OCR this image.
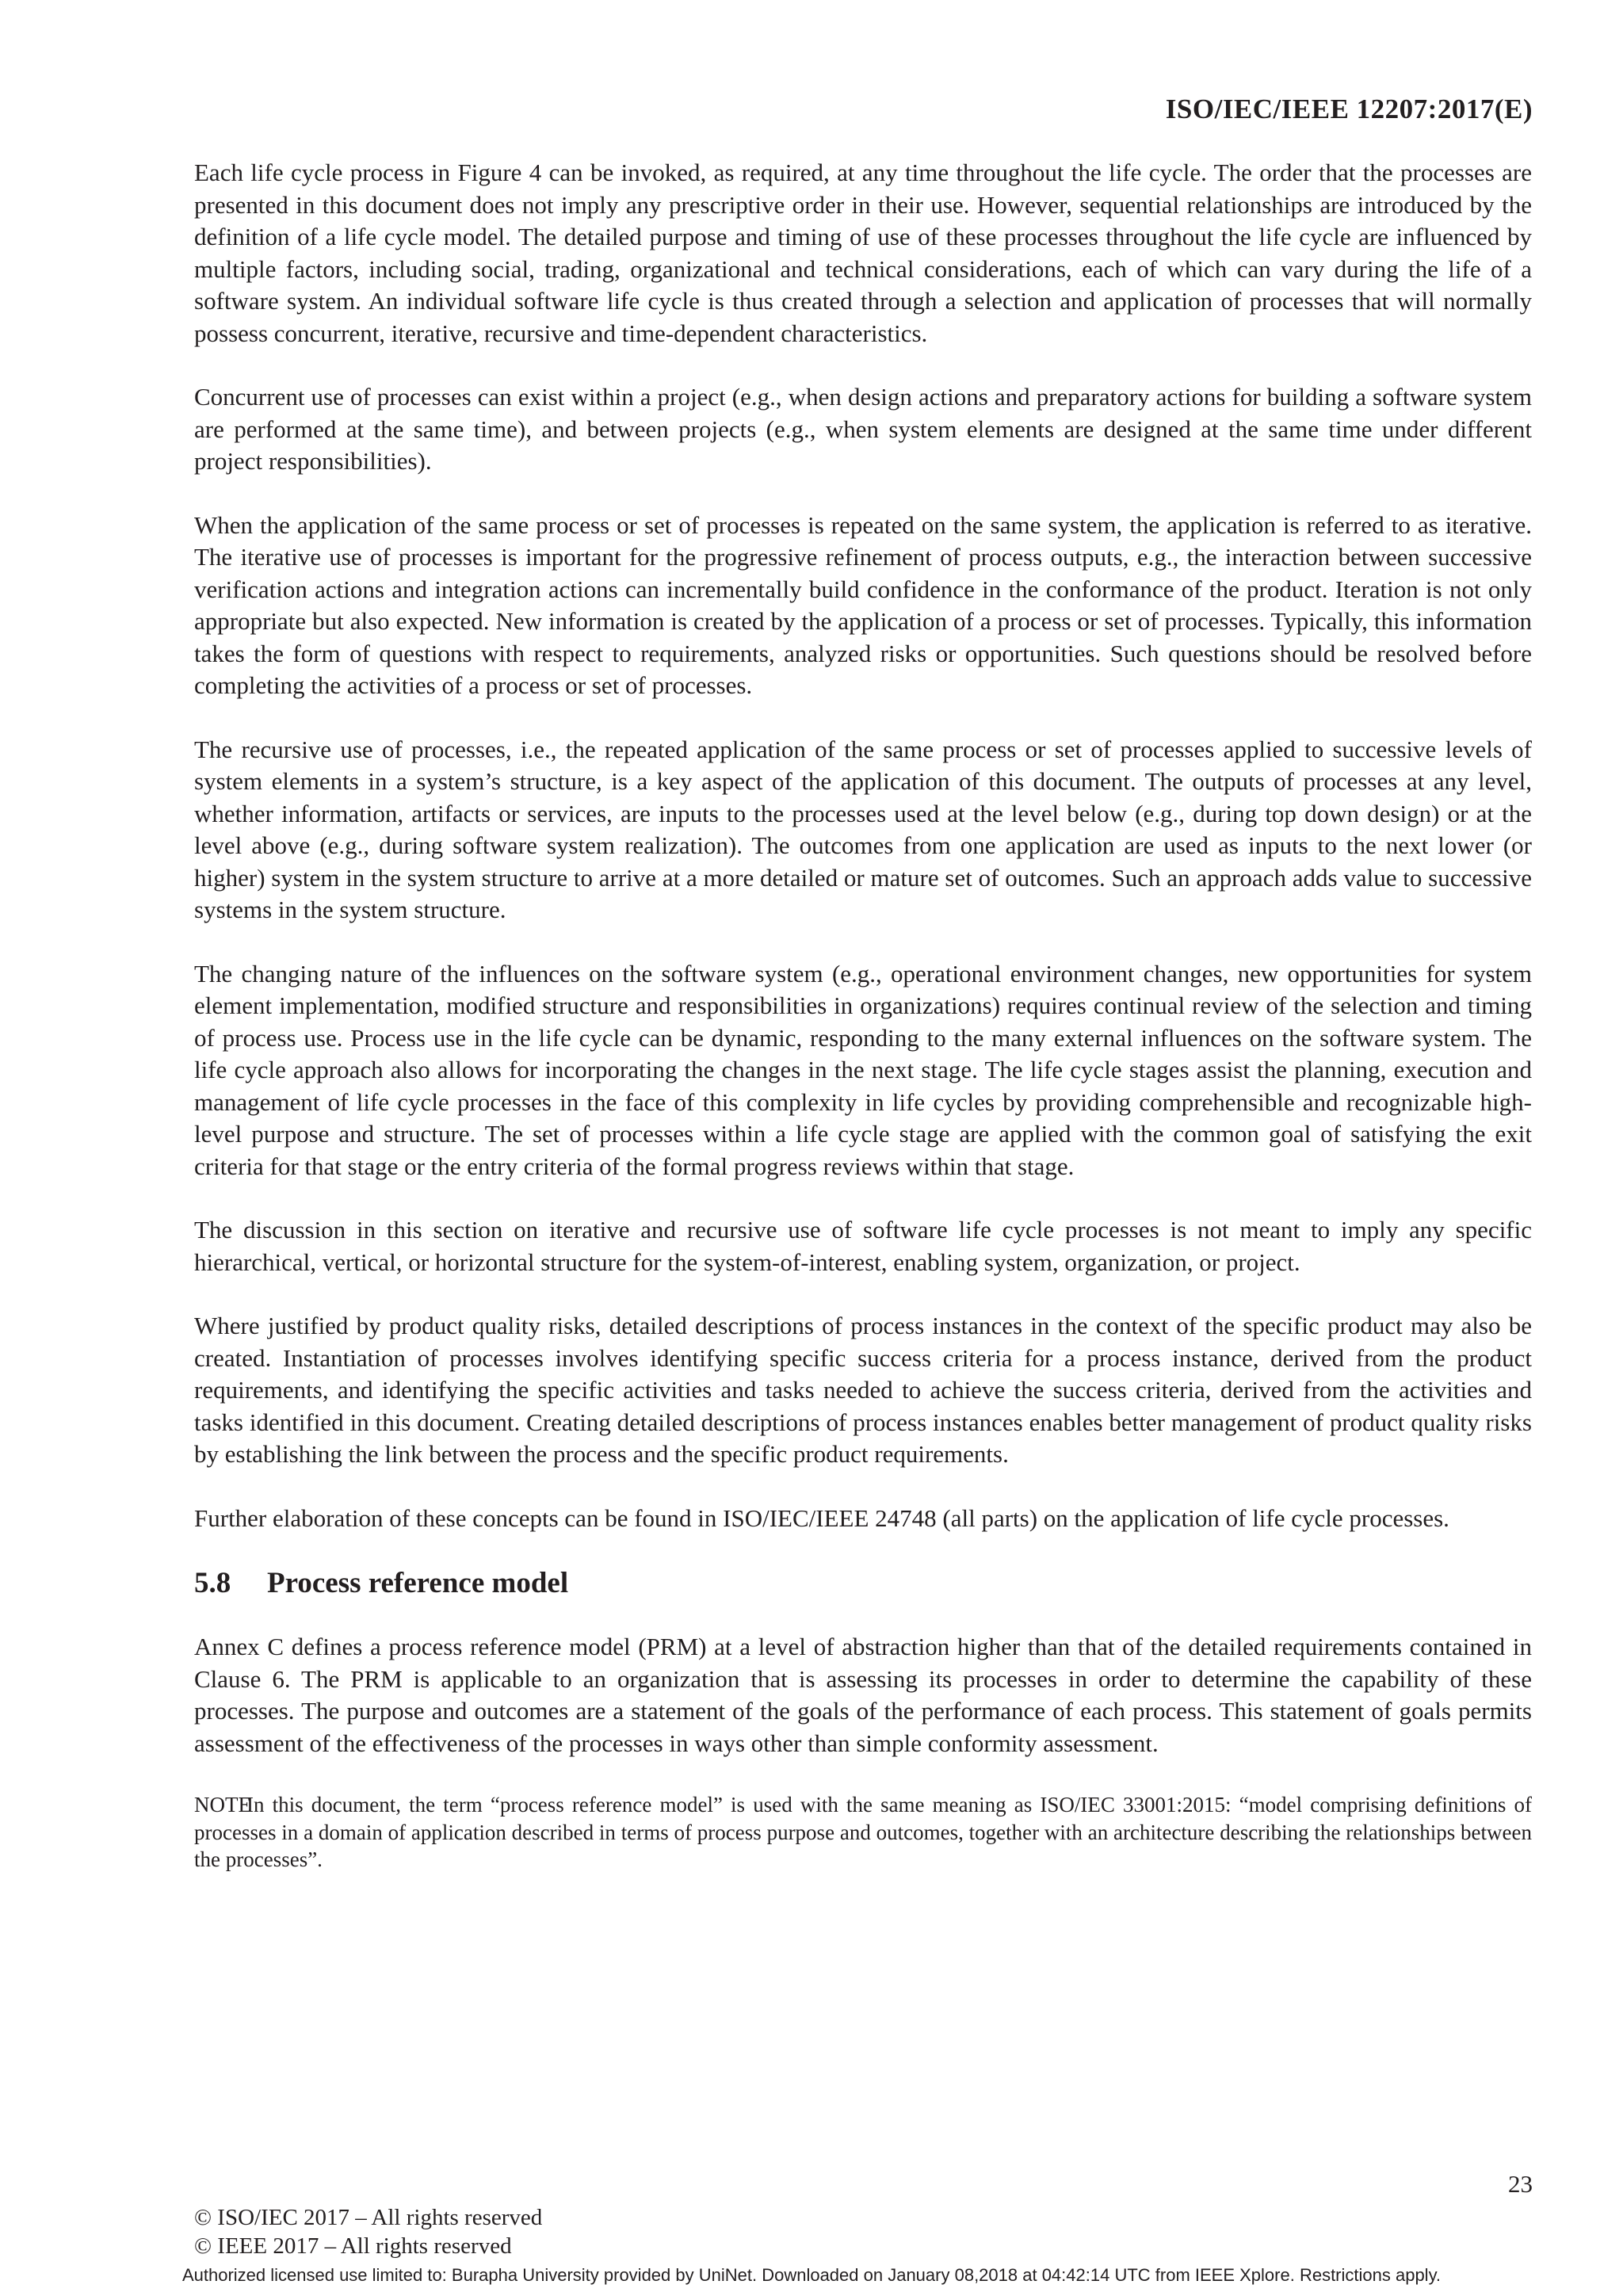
ISO/IEC/IEEE 12207:2017(E)

Each life cycle process in Figure 4 can be invoked, as required, at any time throughout the life cycle. The order that the processes are presented in this document does not imply any prescriptive order in their use. However, sequential relationships are introduced by the definition of a life cycle model. The detailed purpose and timing of use of these processes throughout the life cycle are influenced by multiple factors, including social, trading, organizational and technical considerations, each of which can vary during the life of a software system. An individual software life cycle is thus created through a selection and application of processes that will normally possess concurrent, iterative, recursive and time-dependent characteristics.

Concurrent use of processes can exist within a project (e.g., when design actions and preparatory actions for building a software system are performed at the same time), and between projects (e.g., when system elements are designed at the same time under different project responsibilities).

When the application of the same process or set of processes is repeated on the same system, the application is referred to as iterative. The iterative use of processes is important for the progressive refinement of process outputs, e.g., the interaction between successive verification actions and integration actions can incrementally build confidence in the conformance of the product. Iteration is not only appropriate but also expected. New information is created by the application of a process or set of processes. Typically, this information takes the form of questions with respect to requirements, analyzed risks or opportunities. Such questions should be resolved before completing the activities of a process or set of processes.

The recursive use of processes, i.e., the repeated application of the same process or set of processes applied to successive levels of system elements in a system’s structure, is a key aspect of the application of this document. The outputs of processes at any level, whether information, artifacts or services, are inputs to the processes used at the level below (e.g., during top down design) or at the level above (e.g., during software system realization). The outcomes from one application are used as inputs to the next lower (or higher) system in the system structure to arrive at a more detailed or mature set of outcomes. Such an approach adds value to successive systems in the system structure.

The changing nature of the influences on the software system (e.g., operational environment changes, new opportunities for system element implementation, modified structure and responsibilities in organizations) requires continual review of the selection and timing of process use. Process use in the life cycle can be dynamic, responding to the many external influences on the software system. The life cycle approach also allows for incorporating the changes in the next stage. The life cycle stages assist the planning, execution and management of life cycle processes in the face of this complexity in life cycles by providing comprehensible and recognizable high-level purpose and structure. The set of processes within a life cycle stage are applied with the common goal of satisfying the exit criteria for that stage or the entry criteria of the formal progress reviews within that stage.

The discussion in this section on iterative and recursive use of software life cycle processes is not meant to imply any specific hierarchical, vertical, or horizontal structure for the system-of-interest, enabling system, organization, or project.

Where justified by product quality risks, detailed descriptions of process instances in the context of the specific product may also be created. Instantiation of processes involves identifying specific success criteria for a process instance, derived from the product requirements, and identifying the specific activities and tasks needed to achieve the success criteria, derived from the activities and tasks identified in this document. Creating detailed descriptions of process instances enables better management of product quality risks by establishing the link between the process and the specific product requirements.

Further elaboration of these concepts can be found in ISO/IEC/IEEE 24748 (all parts) on the application of life cycle processes.

5.8	Process reference model

Annex C defines a process reference model (PRM) at a level of abstraction higher than that of the detailed requirements contained in Clause 6. The PRM is applicable to an organization that is assessing its processes in order to determine the capability of these processes. The purpose and outcomes are a statement of the goals of the performance of each process. This statement of goals permits assessment of the effectiveness of the processes in ways other than simple conformity assessment.

NOTEIn this document, the term “process reference model” is used with the same meaning as ISO/IEC 33001:2015: “model comprising definitions of processes in a domain of application described in terms of process purpose and outcomes, together with an architecture describing the relationships between the processes”.

23
© ISO/IEC 2017 – All rights reserved
© IEEE 2017 – All rights reserved
Authorized licensed use limited to: Burapha University provided by UniNet. Downloaded on January 08,2018 at 04:42:14 UTC from IEEE Xplore. Restrictions apply.
